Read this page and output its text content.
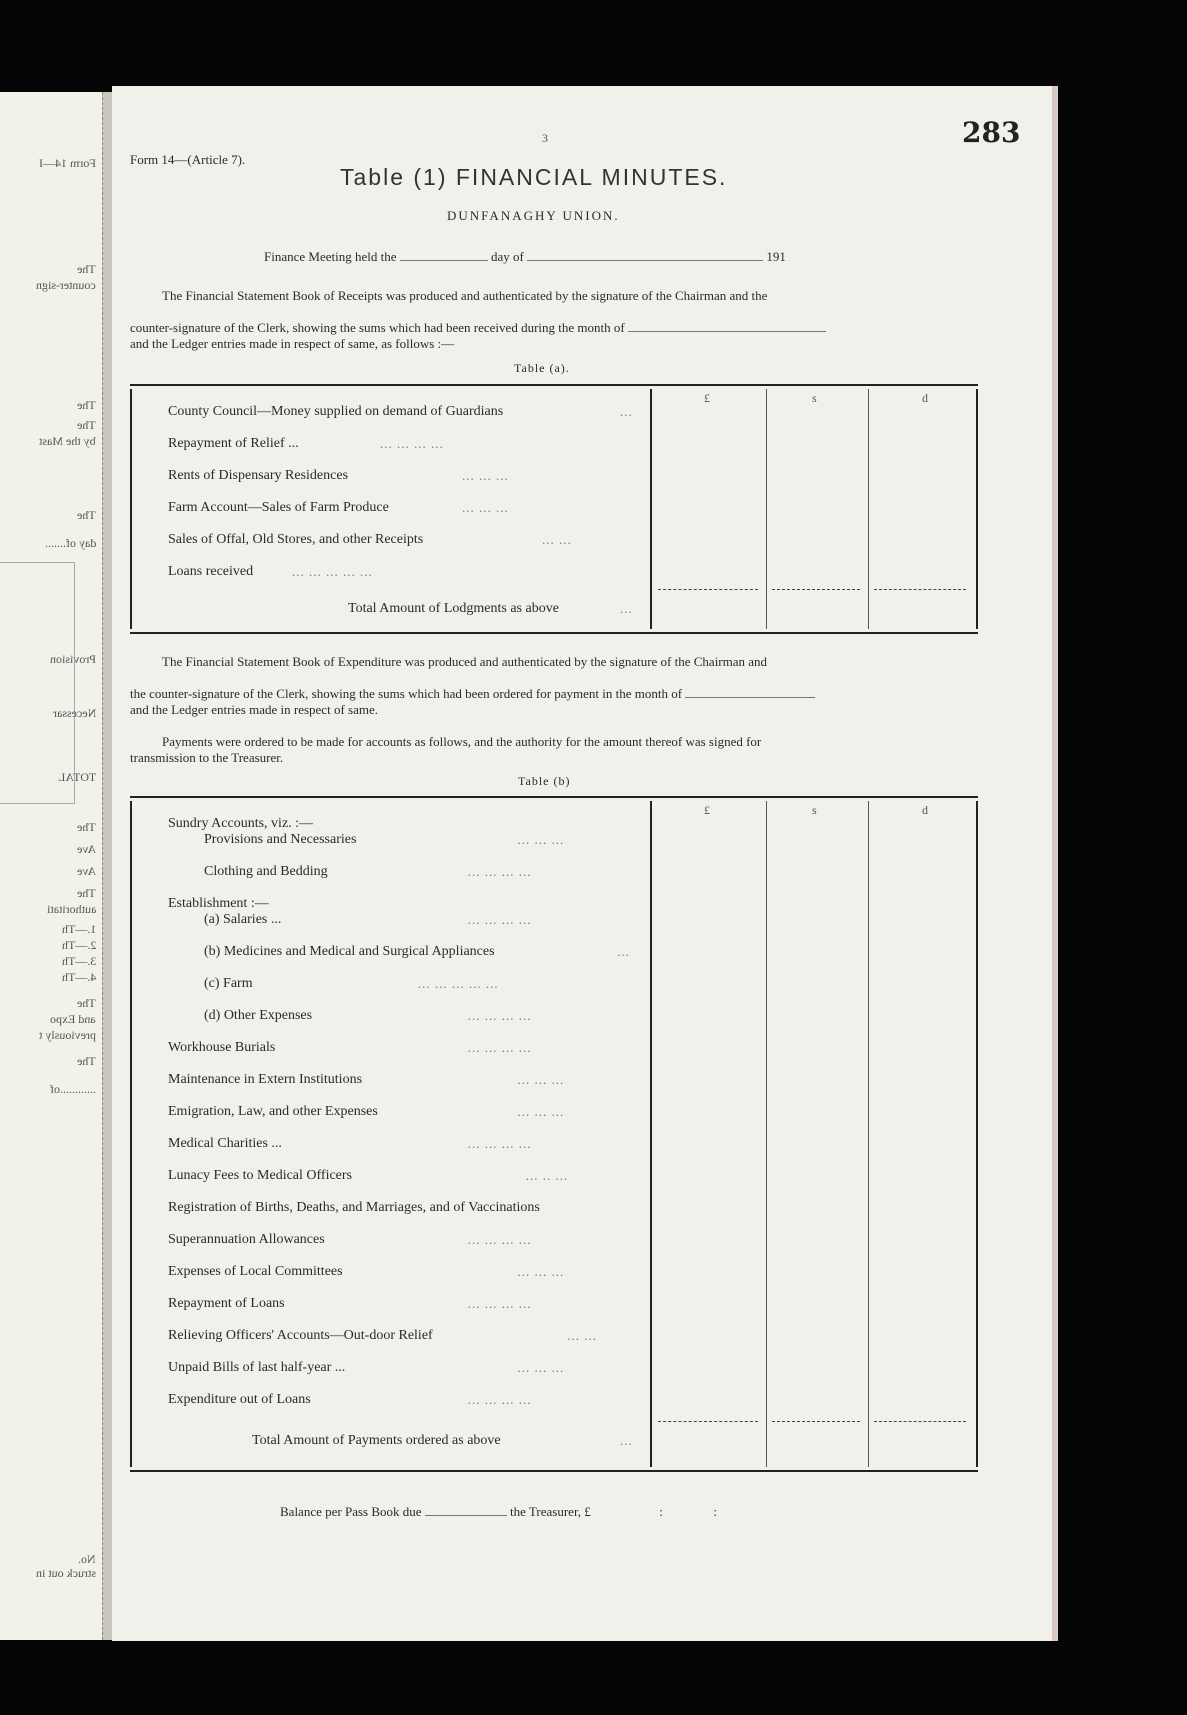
Form 14—I
The
counter-sign
The
The
by the Mast
The
day of.......
Provision
Necessar
TOTAL
The
Ave
Ave
The
authoritati
1.—Th
2.—Th
3.—Th
4.—Th
The
and Expo
previously t
The
............of
No.
struck out in
Form 14—(Article 7).
3	283
Table (1) FINANCIAL MINUTES.
DUNFANAGHY UNION.
Finance Meeting held the	day of	191
The Financial Statement Book of Receipts was produced and authenticated by the signature of the Chairman and the
counter-signature of the Clerk, showing the sums which had been received during the month of
and the Ledger entries made in respect of same, as follows :—
Table (a).
£	s	d
County Council—Money supplied on demand of Guardians	...
Repayment of Relief ...	... ... ... ...
Rents of Dispensary Residences	... ... ...
Farm Account—Sales of Farm Produce	... ... ...
Sales of Offal, Old Stores, and other Receipts	... ...
Loans received	... ... ... ... ...
Total Amount of Lodgments as above	...
The Financial Statement Book of Expenditure was produced and authenticated by the signature of the Chairman and
the counter-signature of the Clerk, showing the sums which had been ordered for payment in the month of
and the Ledger entries made in respect of same.
Payments were ordered to be made for accounts as follows, and the authority for the amount thereof was signed for
transmission to the Treasurer.
Table (b)
£	s	d
Sundry Accounts, viz. :—
Provisions and Necessaries	... ... ...
Clothing and Bedding	... ... ... ...
Establishment :—
(a) Salaries ...	... ... ... ...
(b) Medicines and Medical and Surgical Appliances	...
(c) Farm	... ... ... ... ...
(d) Other Expenses	... ... ... ...
Workhouse Burials	... ... ... ...
Maintenance in Extern Institutions	... ... ...
Emigration, Law, and other Expenses	... ... ...
Medical Charities ...	... ... ... ...
Lunacy Fees to Medical Officers	... .. ...
Registration of Births, Deaths, and Marriages, and of Vaccinations
Superannuation Allowances	... ... ... ...
Expenses of Local Committees	... ... ...
Repayment of Loans	... ... ... ...
Relieving Officers' Accounts—Out-door Relief	... ...
Unpaid Bills of last half-year ...	... ... ...
Expenditure out of Loans	... ... ... ...
Total Amount of Payments ordered as above	...
Balance per Pass Book due	the Treasurer, £	:	:
